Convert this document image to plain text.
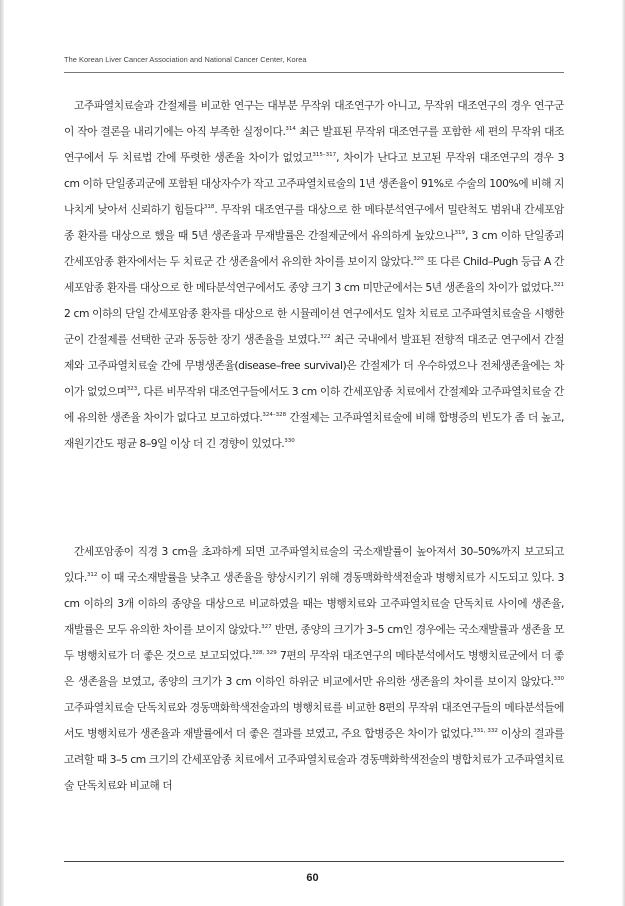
The Korean Liver Cancer Association and National Cancer Center, Korea

고주파열치료술과 간절제를 비교한 연구는 대부분 무작위 대조연구가 아니고, 무작위 대조연구의 경우 연구군이 작아 결론을 내리기에는 아직 부족한 실정이다.$^{314}$ 최근 발표된 무작위 대조연구를 포함한 세 편의 무작위 대조연구에서 두 치료법 간에 뚜렷한 생존율 차이가 없었고$^{315-317}$, 차이가 난다고 보고된 무작위 대조연구의 경우 3 cm 이하 단일종괴군에 포함된 대상자수가 작고 고주파열치료술의 1년 생존율이 91%로 수술의 100%에 비해 지나치게 낮아서 신뢰하기 힘들다$^{318}$. 무작위 대조연구를 대상으로 한 메타분석연구에서 밀란척도 범위내 간세포암종 환자를 대상으로 했을 때 5년 생존율과 무재발률은 간절제군에서 유의하게 높았으나$^{319}$, 3 cm 이하 단일종괴 간세포암종 환자에서는 두 치료군 간 생존율에서 유의한 차이를 보이지 않았다.$^{320}$ 또 다른 Child–Pugh 등급 A 간세포암종 환자를 대상으로 한 메타분석연구에서도 종양 크기 3 cm 미만군에서는 5년 생존율의 차이가 없었다.$^{321}$ 2 cm 이하의 단일 간세포암종 환자를 대상으로 한 시뮬레이션 연구에서도 일차 치료로 고주파열치료술을 시행한 군이 간절제를 선택한 군과 동등한 장기 생존율을 보였다.$^{322}$ 최근 국내에서 발표된 전향적 대조군 연구에서 간절제와 고주파열치료술 간에 무병생존율(disease–free survival)은 간절제가 더 우수하였으나 전체생존율에는 차이가 없었으며$^{323}$, 다른 비무작위 대조연구들에서도 3 cm 이하 간세포암종 치료에서 간절제와 고주파열치료술 간에 유의한 생존율 차이가 없다고 보고하였다.$^{324-328}$ 간절제는 고주파열치료술에 비해 합병증의 빈도가 좀 더 높고, 재원기간도 평균 8–9일 이상 더 긴 경향이 있었다.$^{330}$

간세포암종이 직경 3 cm을 초과하게 되면 고주파열치료술의 국소재발률이 높아져서 30–50%까지 보고되고 있다.$^{312}$ 이 때 국소재발률을 낮추고 생존율을 향상시키기 위해 경동맥화학색전술과 병행치료가 시도되고 있다. 3 cm 이하의 3개 이하의 종양을 대상으로 비교하였을 때는 병행치료와 고주파열치료술 단독치료 사이에 생존율, 재발률은 모두 유의한 차이를 보이지 않았다.$^{327}$ 반면, 종양의 크기가 3–5 cm인 경우에는 국소재발률과 생존율 모두 병행치료가 더 좋은 것으로 보고되었다.$^{328, 329}$ 7편의 무작위 대조연구의 메타분석에서도 병행치료군에서 더 좋은 생존율을 보였고, 종양의 크기가 3 cm 이하인 하위군 비교에서만 유의한 생존율의 차이를 보이지 않았다.$^{330}$ 고주파열치료술 단독치료와 경동맥화학색전술과의 병행치료를 비교한 8편의 무작위 대조연구들의 메타분석들에서도 병행치료가 생존율과 재발률에서 더 좋은 결과를 보였고, 주요 합병증은 차이가 없었다.$^{331, 332}$ 이상의 결과를 고려할 때 3–5 cm 크기의 간세포암종 치료에서 고주파열치료술과 경동맥화학색전술의 병합치료가 고주파열치료술 단독치료와 비교해 더

60
